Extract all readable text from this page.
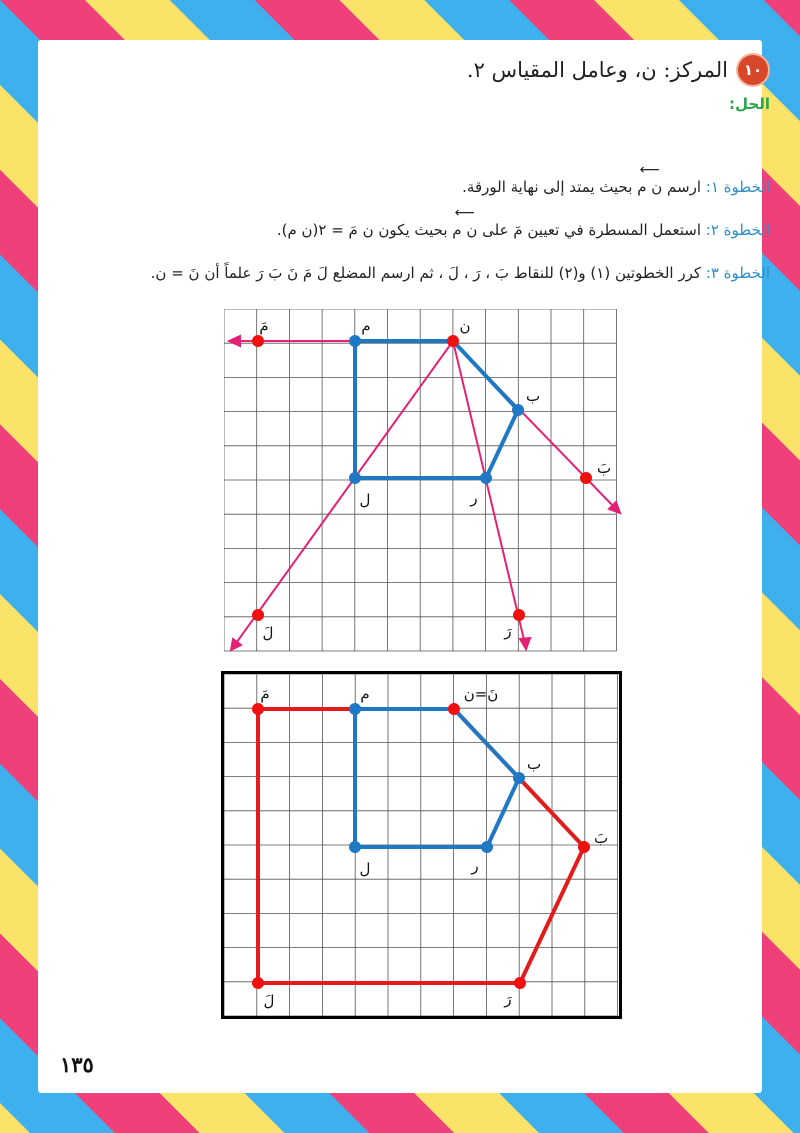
١٠
المركز: ن، وعامل المقياس ٢.
الحل:
الخطوة ١: ارسم ⟵ ن م بحيث يمتد إلى نهاية الورقة.
الخطوة ٢: استعمل المسطرة في تعيين مَ على ⟵ ن م بحيث يكون ن مَ = ٢(ن م).
الخطوة ٣: كرر الخطوتين (١) و(٢) للنقاط بَ ، رَ ، لَ ، ثم ارسم المضلع لَ مَ نَ بَ رَ علماً أن نَ = ن.
مَ	م	ن
ب
بَ
ل	ر
لَ	رَ
مَ	م	نَ=ن
ب
بَ
ل	ر
لَ	رَ
١٣٥
